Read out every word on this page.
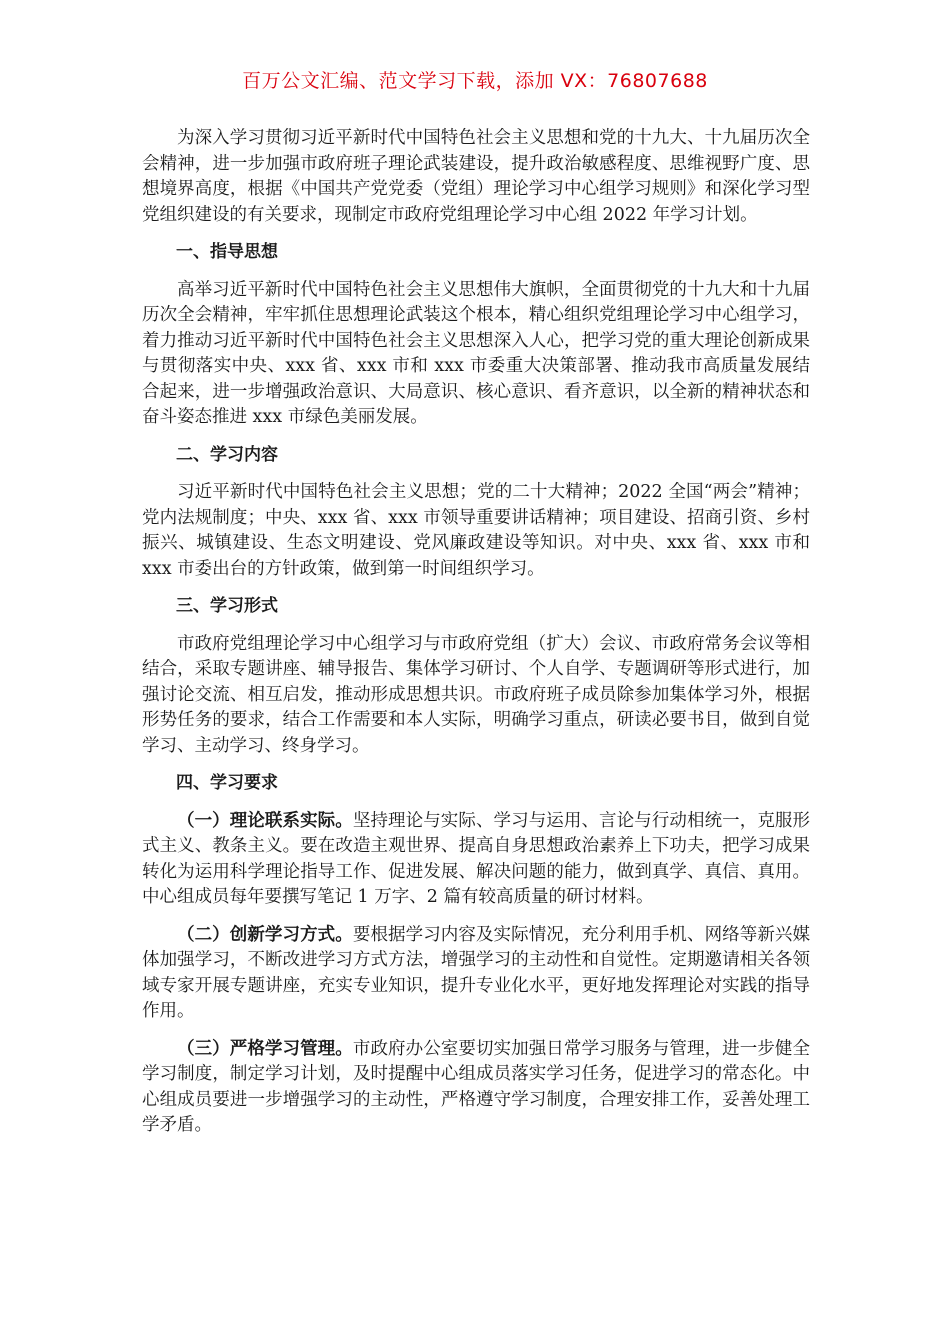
百万公文汇编、范文学习下载，添加 VX：76807688

为深入学习贯彻习近平新时代中国特色社会主义思想和党的十九大、十九届历次全会精神，进一步加强市政府班子理论武装建设，提升政治敏感程度、思维视野广度、思想境界高度，根据《中国共产党党委（党组）理论学习中心组学习规则》和深化学习型党组织建设的有关要求，现制定市政府党组理论学习中心组 2022 年学习计划。

一、指导思想

高举习近平新时代中国特色社会主义思想伟大旗帜，全面贯彻党的十九大和十九届历次全会精神，牢牢抓住思想理论武装这个根本，精心组织党组理论学习中心组学习，着力推动习近平新时代中国特色社会主义思想深入人心，把学习党的重大理论创新成果与贯彻落实中央、xxx 省、xxx 市和 xxx 市委重大决策部署、推动我市高质量发展结合起来，进一步增强政治意识、大局意识、核心意识、看齐意识，以全新的精神状态和奋斗姿态推进 xxx 市绿色美丽发展。

二、学习内容

习近平新时代中国特色社会主义思想；党的二十大精神；2022 全国“两会”精神；党内法规制度；中央、xxx 省、xxx 市领导重要讲话精神；项目建设、招商引资、乡村振兴、城镇建设、生态文明建设、党风廉政建设等知识。对中央、xxx 省、xxx 市和 xxx 市委出台的方针政策，做到第一时间组织学习。

三、学习形式

市政府党组理论学习中心组学习与市政府党组（扩大）会议、市政府常务会议等相结合，采取专题讲座、辅导报告、集体学习研讨、个人自学、专题调研等形式进行，加强讨论交流、相互启发，推动形成思想共识。市政府班子成员除参加集体学习外，根据形势任务的要求，结合工作需要和本人实际，明确学习重点，研读必要书目，做到自觉学习、主动学习、终身学习。

四、学习要求

（一）理论联系实际。坚持理论与实际、学习与运用、言论与行动相统一，克服形式主义、教条主义。要在改造主观世界、提高自身思想政治素养上下功夫，把学习成果转化为运用科学理论指导工作、促进发展、解决问题的能力，做到真学、真信、真用。中心组成员每年要撰写笔记 1 万字、2 篇有较高质量的研讨材料。

（二）创新学习方式。要根据学习内容及实际情况，充分利用手机、网络等新兴媒体加强学习，不断改进学习方式方法，增强学习的主动性和自觉性。定期邀请相关各领域专家开展专题讲座，充实专业知识，提升专业化水平，更好地发挥理论对实践的指导作用。

（三）严格学习管理。市政府办公室要切实加强日常学习服务与管理，进一步健全学习制度，制定学习计划，及时提醒中心组成员落实学习任务，促进学习的常态化。中心组成员要进一步增强学习的主动性，严格遵守学习制度，合理安排工作，妥善处理工学矛盾。
